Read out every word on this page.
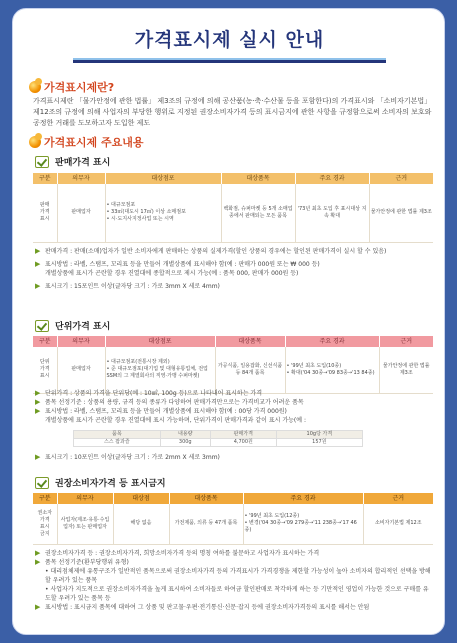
가격표시제 실시 안내
가격표시제란?
가격표시제란 「물가안정에 관한 법률」 제3조의 규정에 의해 공산품(농·축·수산물 등을 포함한다)의 가격표시와 「소비자기본법」 제12조의 규정에 의해 사업자의 부당한 행위로 지정된 권장소비자가격 등의 표시금지에 관한 사항을 규정함으로써 소비자의 보호와 공정한 거래를 도모하고자 도입한 제도
가격표시제 주요내용
판매가격 표시
구분	의무자	대상점포	대상품목	주요 경과	근거
판매
가격
표시	판매업자	• 대규모점포
• 33㎡(대도시 17㎡) 이상 소매점포
• 시·도지사지정사업 또는 시역	백화점, 슈퍼마켓 등 5개 소매업종에서 판매되는 모든 품목	'73년 최초 도입 후 표시대상 지속 확대	물가안정에 관한 법률 제3조
▶ 판매가격 : 판매(소매)업자가 일반 소비자에게 판매하는 상품의 실제가격(할인 상품의 경우에는 할인된 판매가격이 실시 할 수 있음)
▶ 표시방법 : 라벨, 스탬프, 꼬리표 등을 만들어 개별상품에 표시해야 함(예 : 판매가 000원 또는 ₩ 000 등)
개별상품에 표시가 곤란할 경우 진열대에 종합적으로 제시 가능(예 : 품목 000, 판매가 000원 등)
▶ 표시크기 : 15포인트 이상(글자당 크기 : 가로 3mm X 세로 4mm)
단위가격 표시
구분	의무자	대상점포	대상품목	주요 경과	근거
단위
가격
표시	판매업자	• 대규모점포(전통시장 제외)
• 준 대규모점포(대기업 및 대형유통업체, 전업SSM의 그 계열회사의 직영·가맹 수퍼마켓)	가공식품, 일용잡화, 신선식품 등 84개 품목	• '99년 최초 도입(10종)
• 확대('04 30종→'09 83종→'13 84종)	물가안정에 관한 법률 제3조
▶ 단위가격 : 상품의 가격을 단위당(예 : 10㎖, 100g 등)으로 나타내어 표시하는 가격
▶ 품목 선정기준 : 상품의 용량, 규격 등의 종류가 다양하여 판매가격만으로는 가격비교가 어려운 품목
▶ 표시방법 : 라벨, 스탬프, 꼬리표 등을 만들어 개별상품에 표시해야 함(예 : 00당 가격 000원)
개별상품에 표시가 곤란할 경우 진열대에 표시 가능하며, 단위가격이 판매가격과 같이 표시 가능(예 :
품목	내용량	판매가격	10g당 가격
스스 팝과즐	300g	4,700원	157원
▶ 표시크기 : 10포인트 이상(글자당 크기 : 가로 2mm X 세로 3mm)
권장소비자가격 등 표시금지
구분	의무자	대상점	대상품목	주요 경과	근거
권소자
가격
표시
금지	사업자(제조·유통·수입업자) 또는 판매업자	해당 없음	가전제품, 의류 등 47개 품목	• '99년 최초 도입(12종)
• 변경('04 30종→'09 279종→'11 238종→'17 46종)	소비자기본법 제12조
▶ 권장소비자가격 등 : 권장소비자가격, 희망소비자가격 등의 명칭 여하를 불문하고 사업자가 표시하는 가격
▶ 품목 선정기준(환부당행위 유형)
• 대리점체제에 유통구조가 일반적인 품목으로써 권장소비자가격 등의 가격표시가 가격경쟁을 제한할 가능성이 높아 소비자의 합리적인 선택을 방해할 우려가 있는 품목
• 사업자가 지도적으로 권장소비자가격을 높게 표시하여 소비자들로 하여금 할인판매로 착각하게 하는 등 기만적인 영업이 가능한 것으로 구매를 유도할 우려가 있는 품목 등
▶ 표시방법 : 표시금지 품목에 대하여 그 상품 및 판고물·우편·전기통신·신문·잡지 등에 권장소비자가격등의 표시를 해서는 안됨
